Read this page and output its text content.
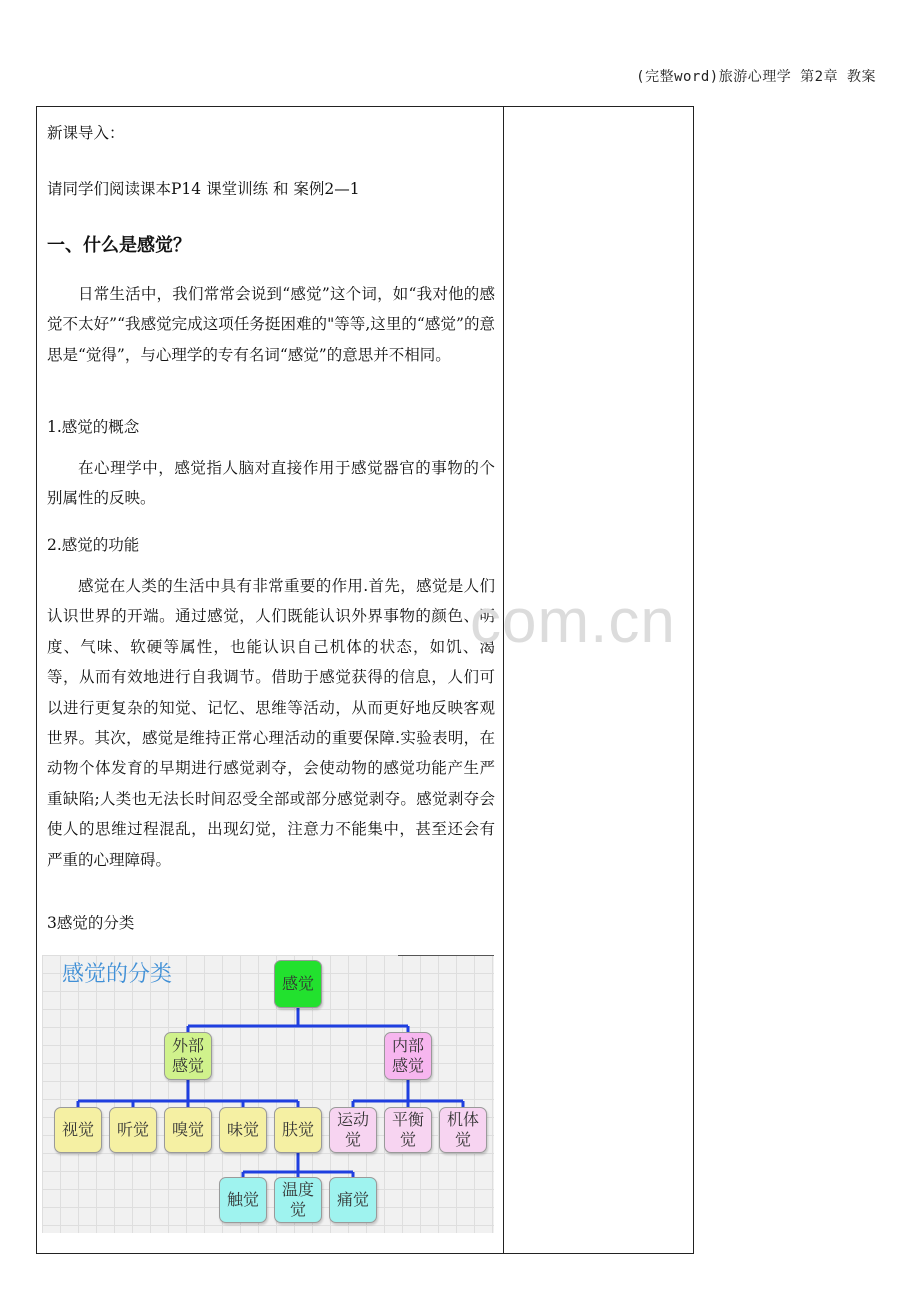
(完整word)旅游心理学 第2章 教案
新课导入：
请同学们阅读课本P14 课堂训练 和 案例2—1
一、什么是感觉？
日常生活中，我们常常会说到“感觉”这个词，如“我对他的感觉不太好”“我感觉完成这项任务挺困难的"等等,这里的“感觉”的意思是“觉得”，与心理学的专有名词“感觉”的意思并不相同。
1.感觉的概念
在心理学中，感觉指人脑对直接作用于感觉器官的事物的个别属性的反映。
2.感觉的功能
感觉在人类的生活中具有非常重要的作用.首先，感觉是人们认识世界的开端。通过感觉，人们既能认识外界事物的颜色、明度、气味、软硬等属性，也能认识自己机体的状态，如饥、渴等，从而有效地进行自我调节。借助于感觉获得的信息，人们可以进行更复杂的知觉、记忆、思维等活动，从而更好地反映客观世界。其次，感觉是维持正常心理活动的重要保障.实验表明，在动物个体发育的早期进行感觉剥夺，会使动物的感觉功能产生严重缺陷;人类也无法长时间忍受全部或部分感觉剥夺。感觉剥夺会使人的思维过程混乱，出现幻觉，注意力不能集中，甚至还会有严重的心理障碍。
3感觉的分类
com.cn
感觉的分类	感觉
外部感觉
内部感觉
视觉	听觉	嗅觉	味觉	肤觉
运动觉
平衡觉
机体觉
触觉
温度觉
痛觉
